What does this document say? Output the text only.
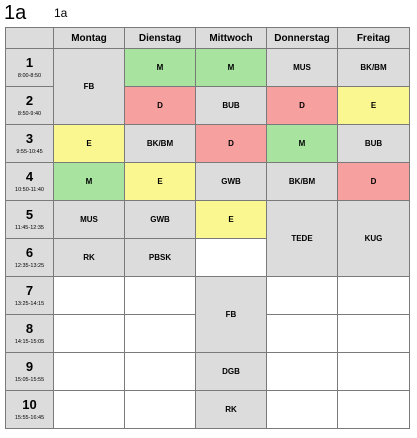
1a 1a
	Montag	Dienstag	Mittwoch	Donnerstag	Freitag

1
8:00-8:50	FB	M	M	MUS	BK/BM

2
8:50-9:40		D	BUB	D	E

3
9:55-10:45	E	BK/BM	D	M	BUB

4
10:50-11:40	M	E	GWB	BK/BM	D

5
11:45-12:35	MUS	GWB	E	TEDE	KUG

6
12:35-13:25	RK	PBSK			

7
13:25-14:15			FB		

8
14:15-15:05					

9
15:05-15:55			DGB		

10
15:55-16:45			RK		
